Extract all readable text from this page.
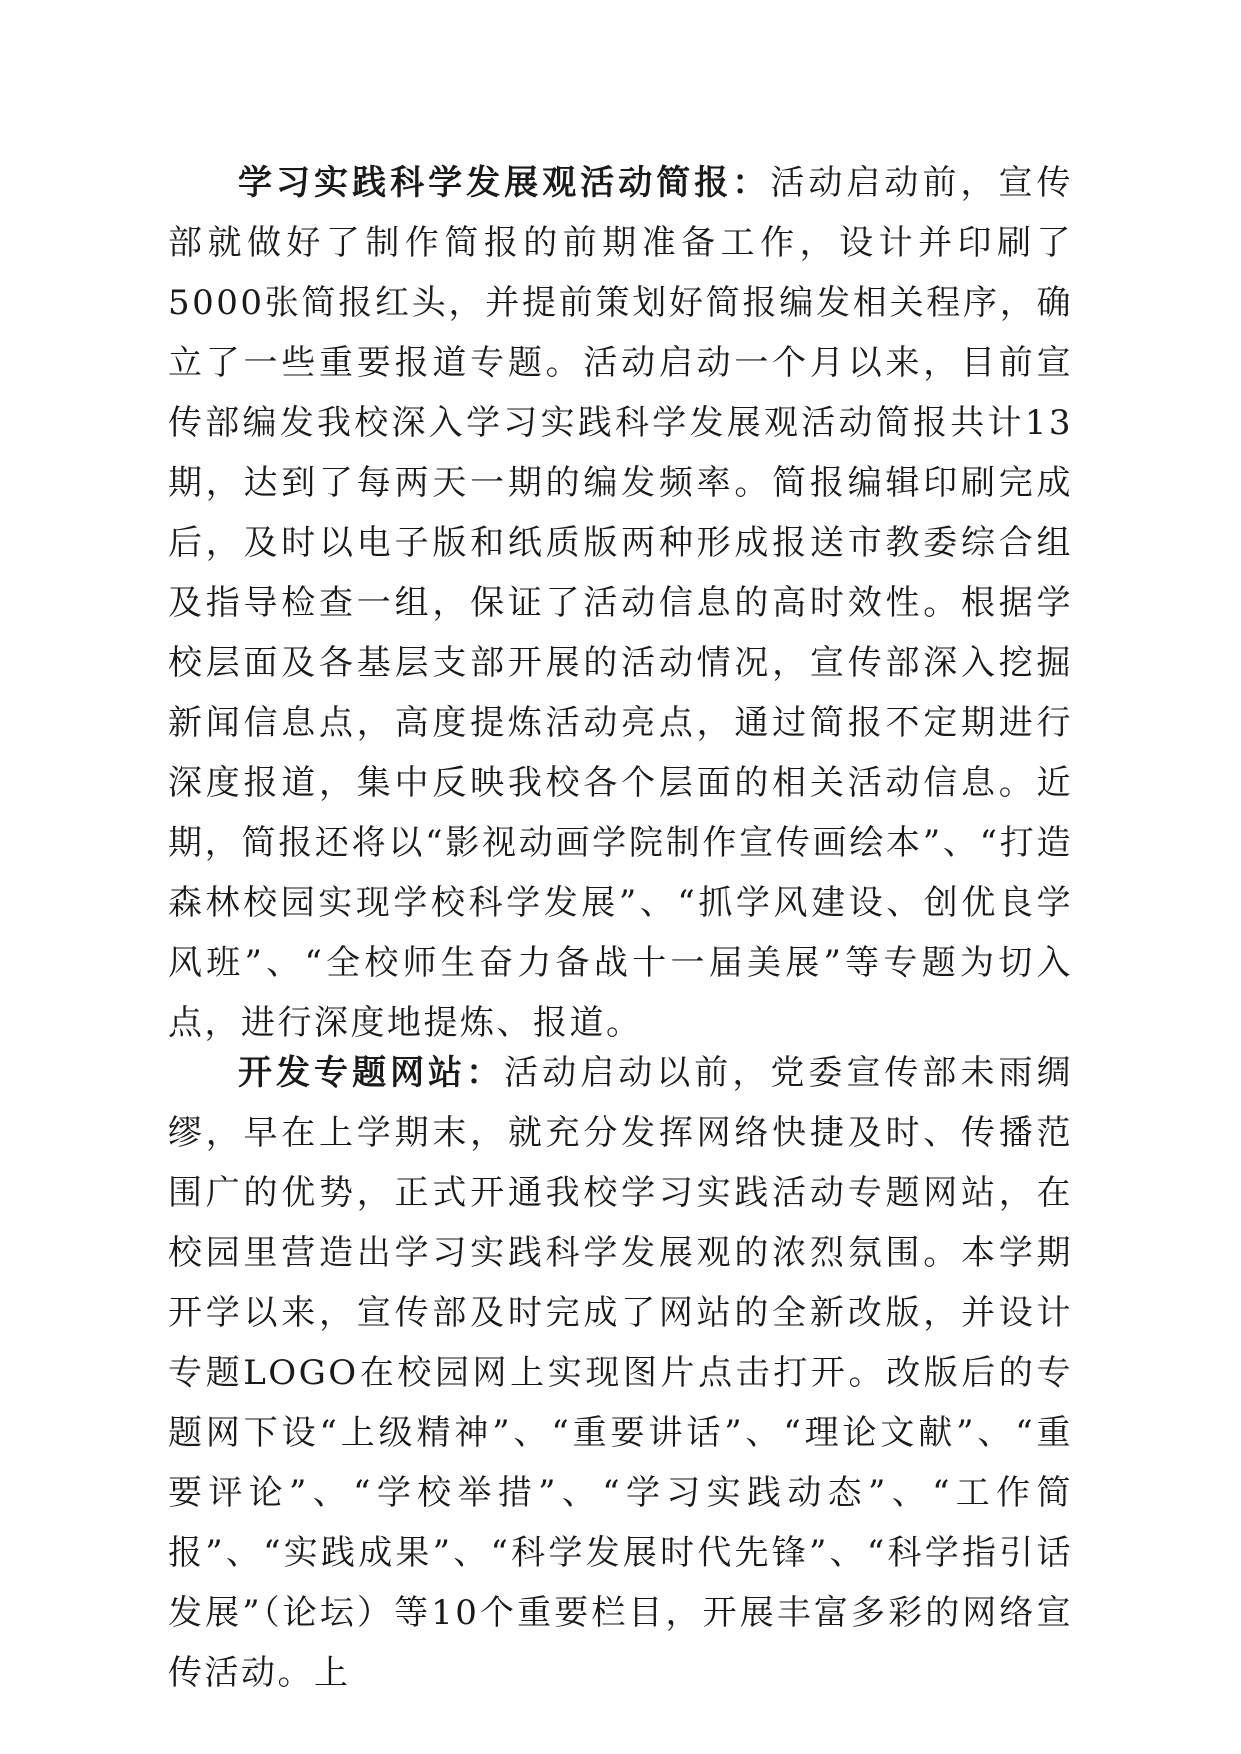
学习实践科学发展观活动简报：活动启动前，宣传部就做好了制作简报的前期准备工作，设计并印刷了5000张简报红头，并提前策划好简报编发相关程序，确立了一些重要报道专题。活动启动一个月以来，目前宣传部编发我校深入学习实践科学发展观活动简报共计13期，达到了每两天一期的编发频率。简报编辑印刷完成后，及时以电子版和纸质版两种形成报送市教委综合组及指导检查一组，保证了活动信息的高时效性。根据学校层面及各基层支部开展的活动情况，宣传部深入挖掘新闻信息点，高度提炼活动亮点，通过简报不定期进行深度报道，集中反映我校各个层面的相关活动信息。近期，简报还将以“影视动画学院制作宣传画绘本”、“打造森林校园实现学校科学发展”、“抓学风建设、创优良学风班”、“全校师生奋力备战十一届美展”等专题为切入点，进行深度地提炼、报道。

开发专题网站：活动启动以前，党委宣传部未雨绸缪，早在上学期末，就充分发挥网络快捷及时、传播范围广的优势，正式开通我校学习实践活动专题网站，在校园里营造出学习实践科学发展观的浓烈氛围。本学期开学以来，宣传部及时完成了网站的全新改版，并设计专题LOGO在校园网上实现图片点击打开。改版后的专题网下设“上级精神”、“重要讲话”、“理论文献”、“重要评论”、“学校举措”、“学习实践动态”、“工作简报”、“实践成果”、“科学发展时代先锋”、“科学指引话发展”（论坛）等10个重要栏目，开展丰富多彩的网络宣传活动。上
